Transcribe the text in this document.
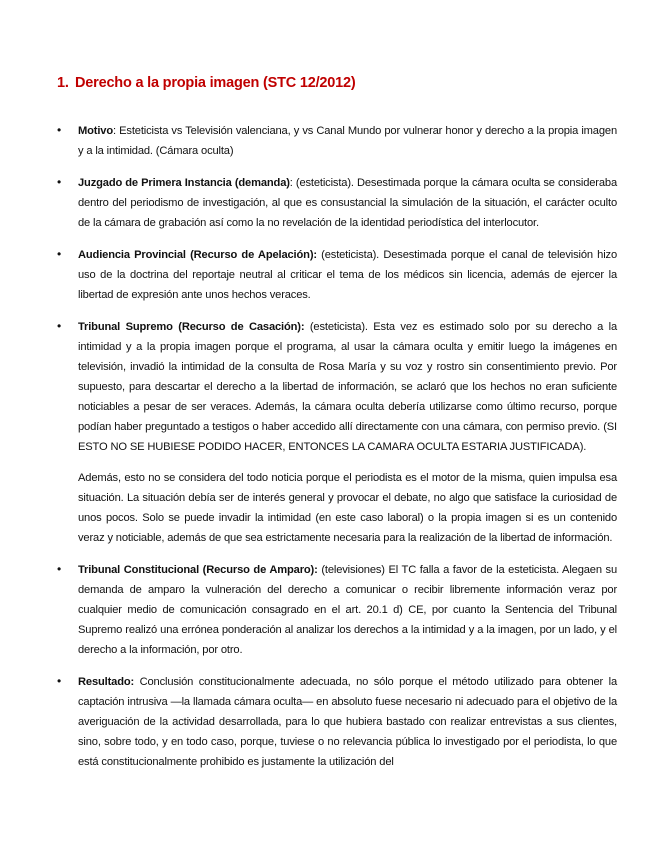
1. Derecho a la propia imagen (STC 12/2012)
• Motivo: Esteticista vs Televisión valenciana, y vs Canal Mundo por vulnerar honor y derecho a la propia imagen y a la intimidad. (Cámara oculta)

• Juzgado de Primera Instancia (demanda): (esteticista). Desestimada porque la cámara oculta se consideraba dentro del periodismo de investigación, al que es consustancial la simulación de la situación, el carácter oculto de la cámara de grabación así como la no revelación de la identidad periodística del interlocutor.

• Audiencia Provincial (Recurso de Apelación): (esteticista). Desestimada porque el canal de televisión hizo uso de la doctrina del reportaje neutral al criticar el tema de los médicos sin licencia, además de ejercer la libertad de expresión ante unos hechos veraces.

• Tribunal Supremo (Recurso de Casación): (esteticista). Esta vez es estimado solo por su derecho a la intimidad y a la propia imagen porque el programa, al usar la cámara oculta y emitir luego la imágenes en televisión, invadió la intimidad de la consulta de Rosa María y su voz y rostro sin consentimiento previo. Por supuesto, para descartar el derecho a la libertad de información, se aclaró que los hechos no eran suficiente noticiables a pesar de ser veraces. Además, la cámara oculta debería utilizarse como último recurso, porque podían haber preguntado a testigos o haber accedido allí directamente con una cámara, con permiso previo. (SI ESTO NO SE HUBIESE PODIDO HACER, ENTONCES LA CAMARA OCULTA ESTARIA JUSTIFICADA).

Además, esto no se considera del todo noticia porque el periodista es el motor de la misma, quien impulsa esa situación. La situación debía ser de interés general y provocar el debate, no algo que satisface la curiosidad de unos pocos. Solo se puede invadir la intimidad (en este caso laboral) o la propia imagen si es un contenido veraz y noticiable, además de que sea estrictamente necesaria para la realización de la libertad de información.

• Tribunal Constitucional (Recurso de Amparo): (televisiones) El TC falla a favor de la esteticista. Alegaen su demanda de amparo la vulneración del derecho a comunicar o recibir libremente información veraz por cualquier medio de comunicación consagrado en el art. 20.1 d) CE, por cuanto la Sentencia del Tribunal Supremo realizó una errónea ponderación al analizar los derechos a la intimidad y a la imagen, por un lado, y el derecho a la información, por otro.

• Resultado: Conclusión constitucionalmente adecuada, no sólo porque el método utilizado para obtener la captación intrusiva —la llamada cámara oculta— en absoluto fuese necesario ni adecuado para el objetivo de la averiguación de la actividad desarrollada, para lo que hubiera bastado con realizar entrevistas a sus clientes, sino, sobre todo, y en todo caso, porque, tuviese o no relevancia pública lo investigado por el periodista, lo que está constitucionalmente prohibido es justamente la utilización del
